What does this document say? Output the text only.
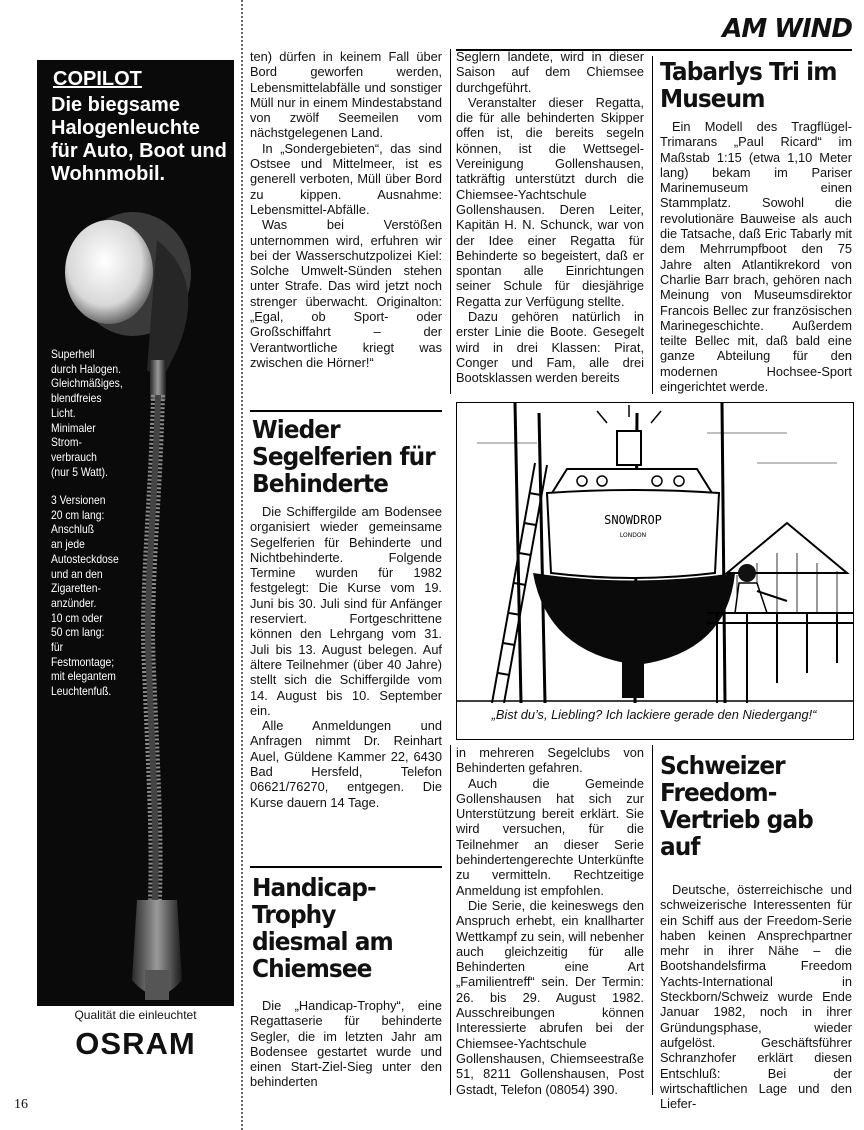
COPILOT
Die biegsame Halogenleuchte für Auto, Boot und Wohnmobil.
Superhell
durch Halogen.
Gleichmäßiges,
blendfreies
Licht.
Minimaler
Strom-
verbrauch
(nur 5 Watt).
3 Versionen
20 cm lang:
Anschluß
an jede
Autosteckdose
und an den
Zigaretten-
anzünder.
10 cm oder
50 cm lang:
für
Festmontage;
mit elegantem
Leuchtenfuß.
Qualität die einleuchtet
OSRAM
16
AM WIND

ten) dürfen in keinem Fall über Bord geworfen werden, Lebensmittelabfälle und sonstiger Müll nur in einem Mindestabstand von zwölf Seemeilen vom nächstgelegenen Land.

In „Sondergebieten“, das sind Ostsee und Mittelmeer, ist es generell verboten, Müll über Bord zu kippen. Ausnahme: Lebensmittel-Abfälle.

Was bei Verstößen unternommen wird, erfuhren wir bei der Wasserschutzpolizei Kiel: Solche Umwelt-Sünden stehen unter Strafe. Das wird jetzt noch strenger überwacht. Originalton: „Egal, ob Sport- oder Großschiffahrt – der Verantwortliche kriegt was zwischen die Hörner!“

Wieder Segelferien für Behinderte

Die Schiffergilde am Bodensee organisiert wieder gemeinsame Segelferien für Behinderte und Nichtbehinderte. Folgende Termine wurden für 1982 festgelegt: Die Kurse vom 19. Juni bis 30. Juli sind für Anfänger reserviert. Fortgeschrittene können den Lehrgang vom 31. Juli bis 13. August belegen. Auf ältere Teilnehmer (über 40 Jahre) stellt sich die Schiffergilde vom 14. August bis 10. September ein.

Alle Anmeldungen und Anfragen nimmt Dr. Reinhart Auel, Güldene Kammer 22, 6430 Bad Hersfeld, Telefon 06621/76270, entgegen. Die Kurse dauern 14 Tage.

Handicap-Trophy diesmal am Chiemsee

Die „Handicap-Trophy“, eine Regattaserie für behinderte Segler, die im letzten Jahr am Bodensee gestartet wurde und einen Start-Ziel-Sieg unter den behinderten

Seglern landete, wird in dieser Saison auf dem Chiemsee durchgeführt.

Veranstalter dieser Regatta, die für alle behinderten Skipper offen ist, die bereits segeln können, ist die Wettsegel-Vereinigung Gollenshausen, tatkräftig unterstützt durch die Chiemsee-Yachtschule Gollenshausen. Deren Leiter, Kapitän H. N. Schunck, war von der Idee einer Regatta für Behinderte so begeistert, daß er spontan alle Einrichtungen seiner Schule für diesjährige Regatta zur Verfügung stellte.

Dazu gehören natürlich in erster Linie die Boote. Gesegelt wird in drei Klassen: Pirat, Conger und Fam, alle drei Bootsklassen werden bereits

in mehreren Segelclubs von Behinderten gefahren.

Auch die Gemeinde Gollenshausen hat sich zur Unterstützung bereit erklärt. Sie wird versuchen, für die Teilnehmer an dieser Serie behindertengerechte Unterkünfte zu vermitteln. Rechtzeitige Anmeldung ist empfohlen.

Die Serie, die keineswegs den Anspruch erhebt, ein knallharter Wettkampf zu sein, will nebenher auch gleichzeitig für alle Behinderten eine Art „Familientreff“ sein. Der Termin: 26. bis 29. August 1982. Ausschreibungen können Interessierte abrufen bei der Chiemsee-Yachtschule Gollenshausen, Chiemseestraße 51, 8211 Gollenshausen, Post Gstadt, Telefon (08054) 390.

Tabarlys Tri im Museum

Ein Modell des Tragflügel-Trimarans „Paul Ricard“ im Maßstab 1:15 (etwa 1,10 Meter lang) bekam im Pariser Marinemuseum einen Stammplatz. Sowohl die revolutionäre Bauweise als auch die Tatsache, daß Eric Tabarly mit dem Mehrrumpfboot den 75 Jahre alten Atlantikrekord von Charlie Barr brach, gehören nach Meinung von Museumsdirektor Francois Bellec zur französischen Marinegeschichte. Außerdem teilte Bellec mit, daß bald eine ganze Abteilung für den modernen Hochsee-Sport eingerichtet werde.

SNOWDROP
LONDON
„Bist du’s, Liebling? Ich lackiere gerade den Niedergang!“
Schweizer Freedom-Vertrieb gab auf

Deutsche, österreichische und schweizerische Interessenten für ein Schiff aus der Freedom-Serie haben keinen Ansprechpartner mehr in ihrer Nähe – die Bootshandelsfirma Freedom Yachts-International in Steckborn/Schweiz wurde Ende Januar 1982, noch in ihrer Gründungsphase, wieder aufgelöst. Geschäftsführer Schranzhofer erklärt diesen Entschluß: Bei der wirtschaftlichen Lage und den Liefer-
